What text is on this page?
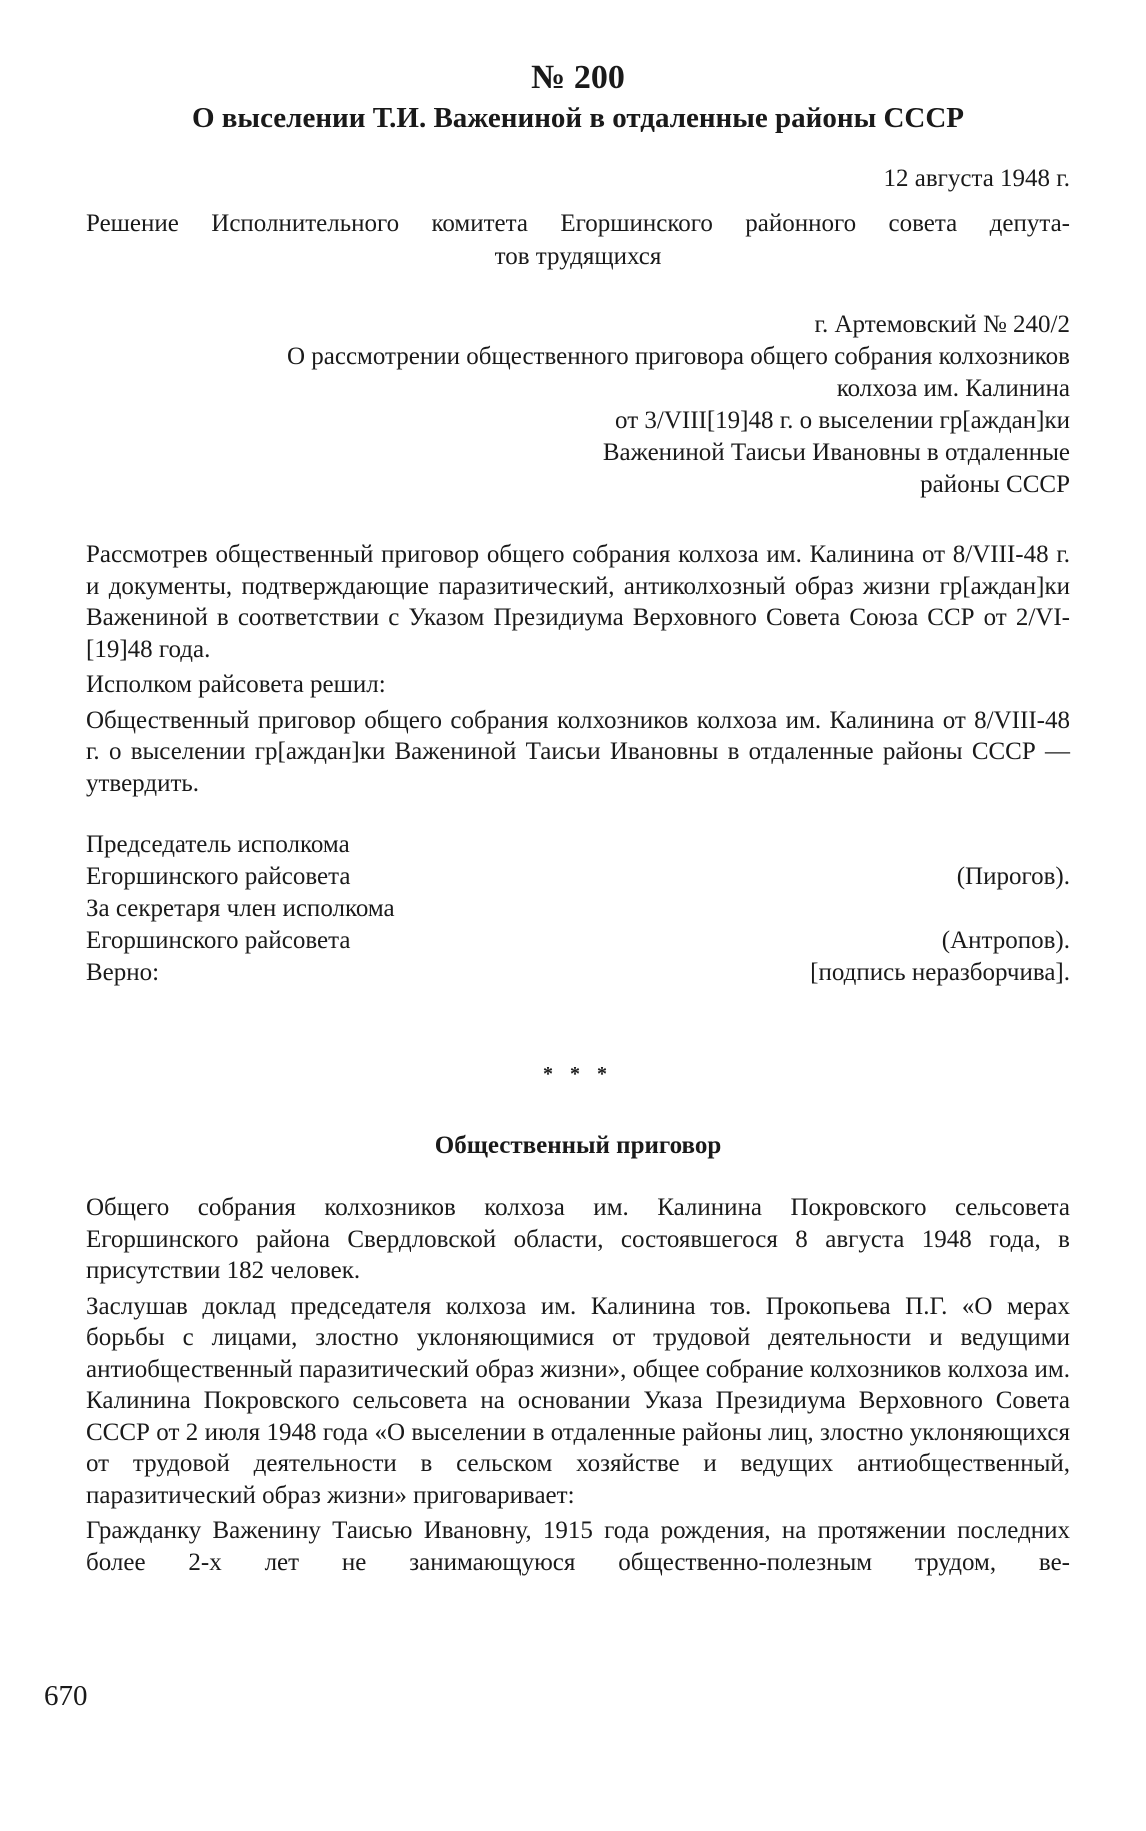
№ 200
О выселении Т.И. Важениной в отдаленные районы СССР
12 августа 1948 г.
Решение Исполнительного комитета Егоршинского районного совета депута-
тов трудящихся
г. Артемовский № 240/2
О рассмотрении общественного приговора общего собрания колхозников
колхоза им. Калинина
от 3/VIII[19]48 г. о выселении гр[аждан]ки
Важениной Таисьи Ивановны в отдаленные
районы СССР

Рассмотрев общественный приговор общего собрания колхоза им. Калинина от 8/VIII-48 г. и документы, подтверждающие паразитический, антиколхозный образ жизни гр[аждан]ки Важениной в соответствии с Указом Президиума Верховного Совета Союза ССР от 2/VI-[19]48 года.

Исполком райсовета решил:

Общественный приговор общего собрания колхозников колхоза им. Калинина от 8/VIII-48 г. о выселении гр[аждан]ки Важениной Таисьи Ивановны в отдаленные районы СССР — утвердить.

Председатель исполкома
Егоршинского райсовета	(Пирогов).
За секретаря член исполкома
Егоршинского райсовета	(Антропов).
Верно:	[подпись неразборчива].
* * *
Общественный приговор

Общего собрания колхозников колхоза им. Калинина Покровского сельсовета Егоршинского района Свердловской области, состоявшегося 8 августа 1948 года, в присутствии 182 человек.

Заслушав доклад председателя колхоза им. Калинина тов. Прокопьева П.Г. «О мерах борьбы с лицами, злостно уклоняющимися от трудовой деятельности и ведущими антиобщественный паразитический образ жизни», общее собрание колхозников колхоза им. Калинина Покровского сельсовета на основании Указа Президиума Верховного Совета СССР от 2 июля 1948 года «О выселении в отдаленные районы лиц, злостно уклоняющихся от трудовой деятельности в сельском хозяйстве и ведущих антиобщественный, паразитический образ жизни» приговаривает:

Гражданку Важенину Таисью Ивановну, 1915 года рождения, на протяжении последних более 2-х лет не занимающуюся общественно-полезным трудом, ве-

670
